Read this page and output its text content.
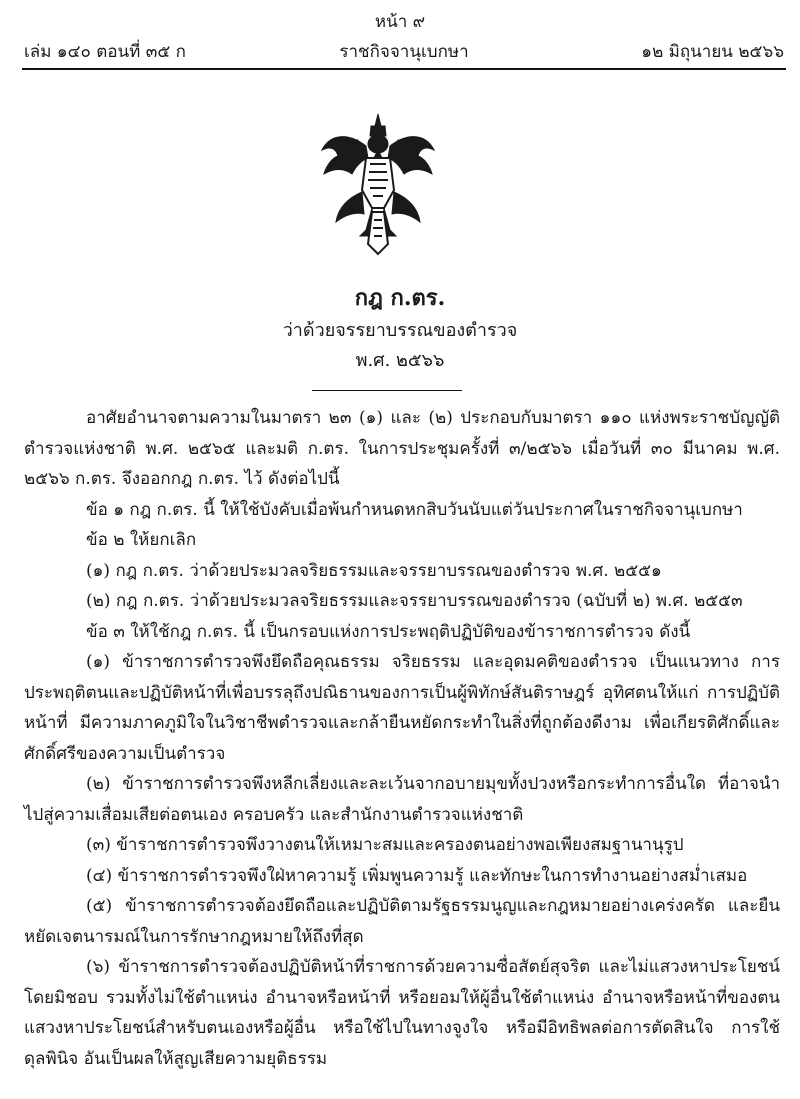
หน้า ๙
เล่ม ๑๔๐ ตอนที่ ๓๕ ก	ราชกิจจานุเบกษา	๑๒ มิถุนายน ๒๕๖๖
กฎ ก.ตร.
ว่าด้วยจรรยาบรรณของตำรวจ
พ.ศ. ๒๕๖๖

อาศัยอำนาจตามความในมาตรา ๒๓ (๑) และ (๒) ประกอบกับมาตรา ๑๑๐ แห่งพระราชบัญญัติตำรวจแห่งชาติ พ.ศ. ๒๕๖๕ และมติ ก.ตร. ในการประชุมครั้งที่ ๓/๒๕๖๖ เมื่อวันที่ ๓๐ มีนาคม พ.ศ. ๒๕๖๖ ก.ตร. จึงออกกฎ ก.ตร. ไว้ ดังต่อไปนี้

ข้อ ๑ กฎ ก.ตร. นี้ ให้ใช้บังคับเมื่อพ้นกำหนดหกสิบวันนับแต่วันประกาศในราชกิจจานุเบกษา

ข้อ ๒ ให้ยกเลิก

(๑) กฎ ก.ตร. ว่าด้วยประมวลจริยธรรมและจรรยาบรรณของตำรวจ พ.ศ. ๒๕๕๑

(๒) กฎ ก.ตร. ว่าด้วยประมวลจริยธรรมและจรรยาบรรณของตำรวจ (ฉบับที่ ๒) พ.ศ. ๒๕๕๓

ข้อ ๓ ให้ใช้กฎ ก.ตร. นี้ เป็นกรอบแห่งการประพฤติปฏิบัติของข้าราชการตำรวจ ดังนี้

(๑) ข้าราชการตำรวจพึงยึดถือคุณธรรม จริยธรรม และอุดมคติของตำรวจ เป็นแนวทาง การประพฤติตนและปฏิบัติหน้าที่เพื่อบรรลุถึงปณิธานของการเป็นผู้พิทักษ์สันติราษฎร์ อุทิศตนให้แก่ การปฏิบัติหน้าที่ มีความภาคภูมิใจในวิชาชีพตำรวจและกล้ายืนหยัดกระทำในสิ่งที่ถูกต้องดีงาม เพื่อเกียรติศักดิ์และศักดิ์ศรีของความเป็นตำรวจ

(๒) ข้าราชการตำรวจพึงหลีกเลี่ยงและละเว้นจากอบายมุขทั้งปวงหรือกระทำการอื่นใด ที่อาจนำไปสู่ความเสื่อมเสียต่อตนเอง ครอบครัว และสำนักงานตำรวจแห่งชาติ

(๓) ข้าราชการตำรวจพึงวางตนให้เหมาะสมและครองตนอย่างพอเพียงสมฐานานุรูป

(๔) ข้าราชการตำรวจพึงใฝ่หาความรู้ เพิ่มพูนความรู้ และทักษะในการทำงานอย่างสม่ำเสมอ

(๕) ข้าราชการตำรวจต้องยึดถือและปฏิบัติตามรัฐธรรมนูญและกฎหมายอย่างเคร่งครัด และยืนหยัดเจตนารมณ์ในการรักษากฎหมายให้ถึงที่สุด

(๖) ข้าราชการตำรวจต้องปฏิบัติหน้าที่ราชการด้วยความซื่อสัตย์สุจริต และไม่แสวงหาประโยชน์ โดยมิชอบ รวมทั้งไม่ใช้ตำแหน่ง อำนาจหรือหน้าที่ หรือยอมให้ผู้อื่นใช้ตำแหน่ง อำนาจหรือหน้าที่ของตน แสวงหาประโยชน์สำหรับตนเองหรือผู้อื่น หรือใช้ไปในทางจูงใจ หรือมีอิทธิพลต่อการตัดสินใจ การใช้ดุลพินิจ อันเป็นผลให้สูญเสียความยุติธรรม
